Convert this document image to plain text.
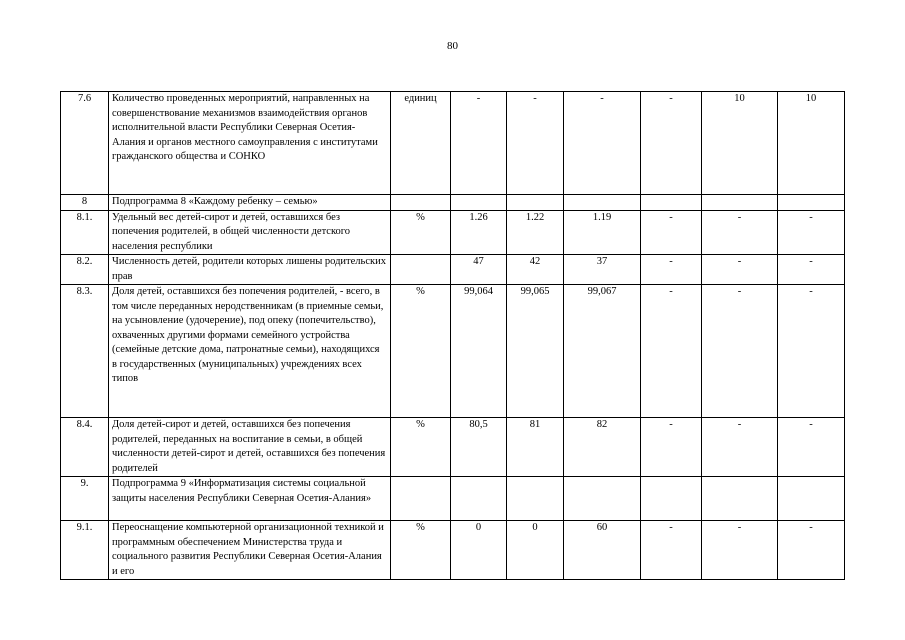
80
7.6	Количество проведенных мероприятий, направленных на совершенствование механизмов взаимодействия органов исполнительной власти Республики Северная Осетия-Алания и органов местного самоуправления с институтами гражданского общества и СОНКО	единиц	-	-	-	-	10	10
8	Подпрограмма 8 «Каждому ребенку – семью»							
8.1.	Удельный вес детей-сирот и детей, оставшихся без попечения родителей, в общей численности детского населения республики	%	1.26	1.22	1.19	-	-	-
8.2.	Численность детей, родители которых лишены родительских прав		47	42	37	-	-	-
8.3.	Доля детей, оставшихся без попечения родителей, - всего, в том числе переданных неродственникам (в приемные семьи, на усыновление (удочерение), под опеку (попечительство), охваченных другими формами семейного устройства (семейные детские дома, патронатные семьи), находящихся в государственных (муниципальных) учреждениях всех типов	%	99,064	99,065	99,067	-	-	-
8.4.	Доля детей-сирот и детей, оставшихся без попечения родителей, переданных на воспитание в семьи, в общей численности детей-сирот и детей, оставшихся без попечения родителей	%	80,5	81	82	-	-	-
9.	Подпрограмма 9 «Информатизация системы социальной защиты населения Республики Северная Осетия-Алания»							
9.1.	Переоснащение компьютерной организационной техникой и программным обеспечением Министерства труда и социального развития Республики Северная Осетия-Алания и его	%	0	0	60	-	-	-
